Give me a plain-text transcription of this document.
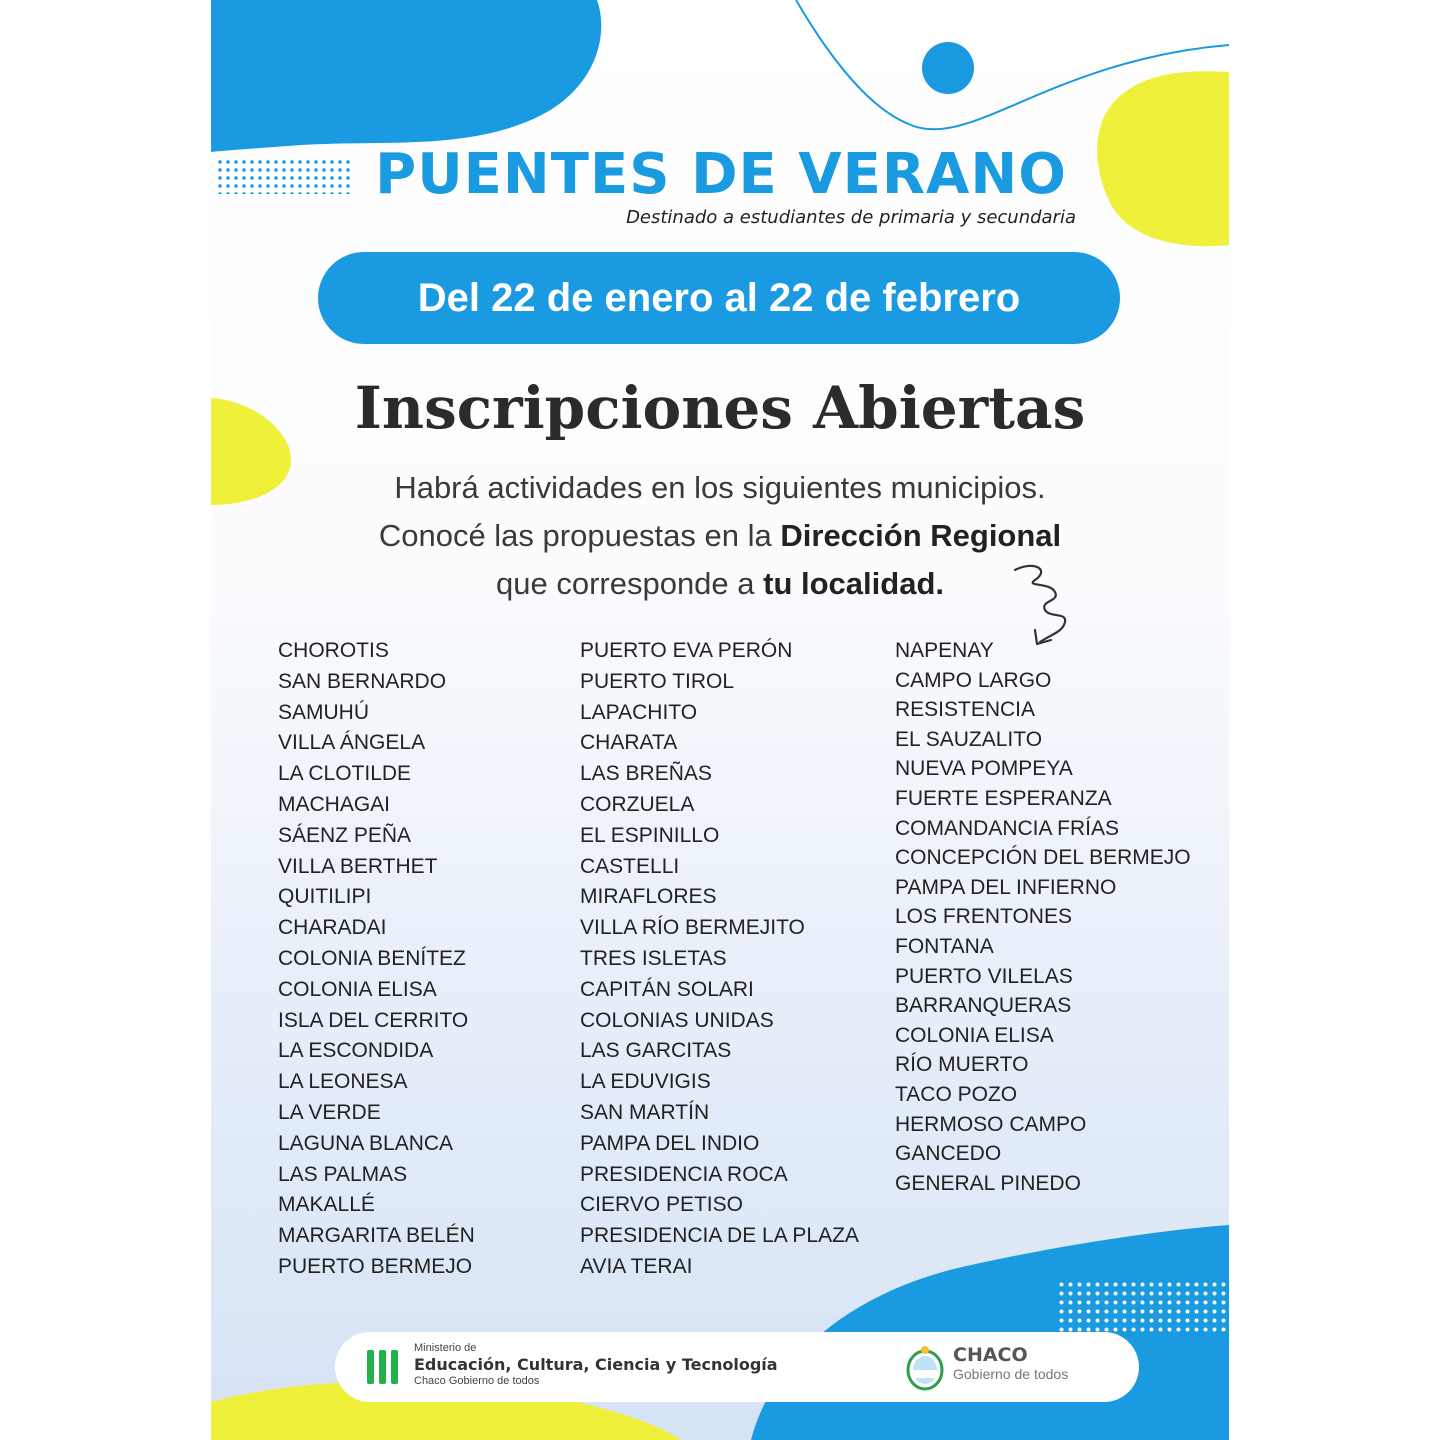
PUENTES DE VERANO

Destinado a estudiantes de primaria y secundaria

Del 22 de enero al 22 de febrero
Inscripciones Abiertas
Habrá actividades en los siguientes municipios.
Conocé las propuestas en la Dirección Regional
que corresponde a tu localidad.
CHOROTIS
SAN BERNARDO
SAMUHÚ
VILLA ÁNGELA
LA CLOTILDE
MACHAGAI
SÁENZ PEÑA
VILLA BERTHET
QUITILIPI
CHARADAI
COLONIA BENÍTEZ
COLONIA ELISA
ISLA DEL CERRITO
LA ESCONDIDA
LA LEONESA
LA VERDE
LAGUNA BLANCA
LAS PALMAS
MAKALLÉ
MARGARITA BELÉN
PUERTO BERMEJO
PUERTO EVA PERÓN
PUERTO TIROL
LAPACHITO
CHARATA
LAS BREÑAS
CORZUELA
EL ESPINILLO
CASTELLI
MIRAFLORES
VILLA RÍO BERMEJITO
TRES ISLETAS
CAPITÁN SOLARI
COLONIAS UNIDAS
LAS GARCITAS
LA EDUVIGIS
SAN MARTÍN
PAMPA DEL INDIO
PRESIDENCIA ROCA
CIERVO PETISO
PRESIDENCIA DE LA PLAZA
AVIA TERAI
NAPENAY
CAMPO LARGO
RESISTENCIA
EL SAUZALITO
NUEVA POMPEYA
FUERTE ESPERANZA
COMANDANCIA FRÍAS
CONCEPCIÓN DEL BERMEJO
PAMPA DEL INFIERNO
LOS FRENTONES
FONTANA
PUERTO VILELAS
BARRANQUERAS
COLONIA ELISA
RÍO MUERTO
TACO POZO
HERMOSO CAMPO
GANCEDO
GENERAL PINEDO
Ministerio de
Educación, Cultura, Ciencia y Tecnología
Chaco Gobierno de todos
CHACO
Gobierno de todos
